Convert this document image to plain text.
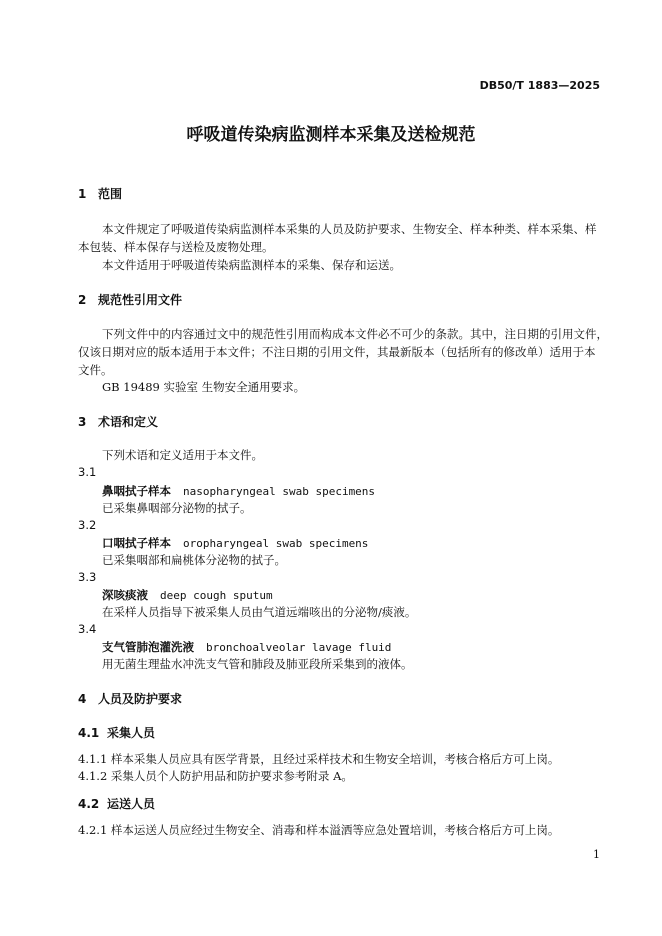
DB50/T 1883—2025
呼吸道传染病监测样本采集及送检规范
1 范围
本文件规定了呼吸道传染病监测样本采集的人员及防护要求、生物安全、样本种类、样本采集、样
本包装、样本保存与送检及废物处理。
本文件适用于呼吸道传染病监测样本的采集、保存和运送。
2 规范性引用文件
下列文件中的内容通过文中的规范性引用而构成本文件必不可少的条款。其中，注日期的引用文件，
仅该日期对应的版本适用于本文件；不注日期的引用文件，其最新版本（包括所有的修改单）适用于本
文件。
GB 19489 实验室 生物安全通用要求。
3 术语和定义
下列术语和定义适用于本文件。
3.1
鼻咽拭子样本 nasopharyngeal swab specimens
已采集鼻咽部分泌物的拭子。
3.2
口咽拭子样本 oropharyngeal swab specimens
已采集咽部和扁桃体分泌物的拭子。
3.3
深咳痰液 deep cough sputum
在采样人员指导下被采集人员由气道远端咳出的分泌物/痰液。
3.4
支气管肺泡灌洗液 bronchoalveolar lavage fluid
用无菌生理盐水冲洗支气管和肺段及肺亚段所采集到的液体。
4 人员及防护要求
4.1 采集人员
4.1.1 样本采集人员应具有医学背景，且经过采样技术和生物安全培训，考核合格后方可上岗。
4.1.2 采集人员个人防护用品和防护要求参考附录 A。
4.2 运送人员
4.2.1 样本运送人员应经过生物安全、消毒和样本溢洒等应急处置培训，考核合格后方可上岗。
1
